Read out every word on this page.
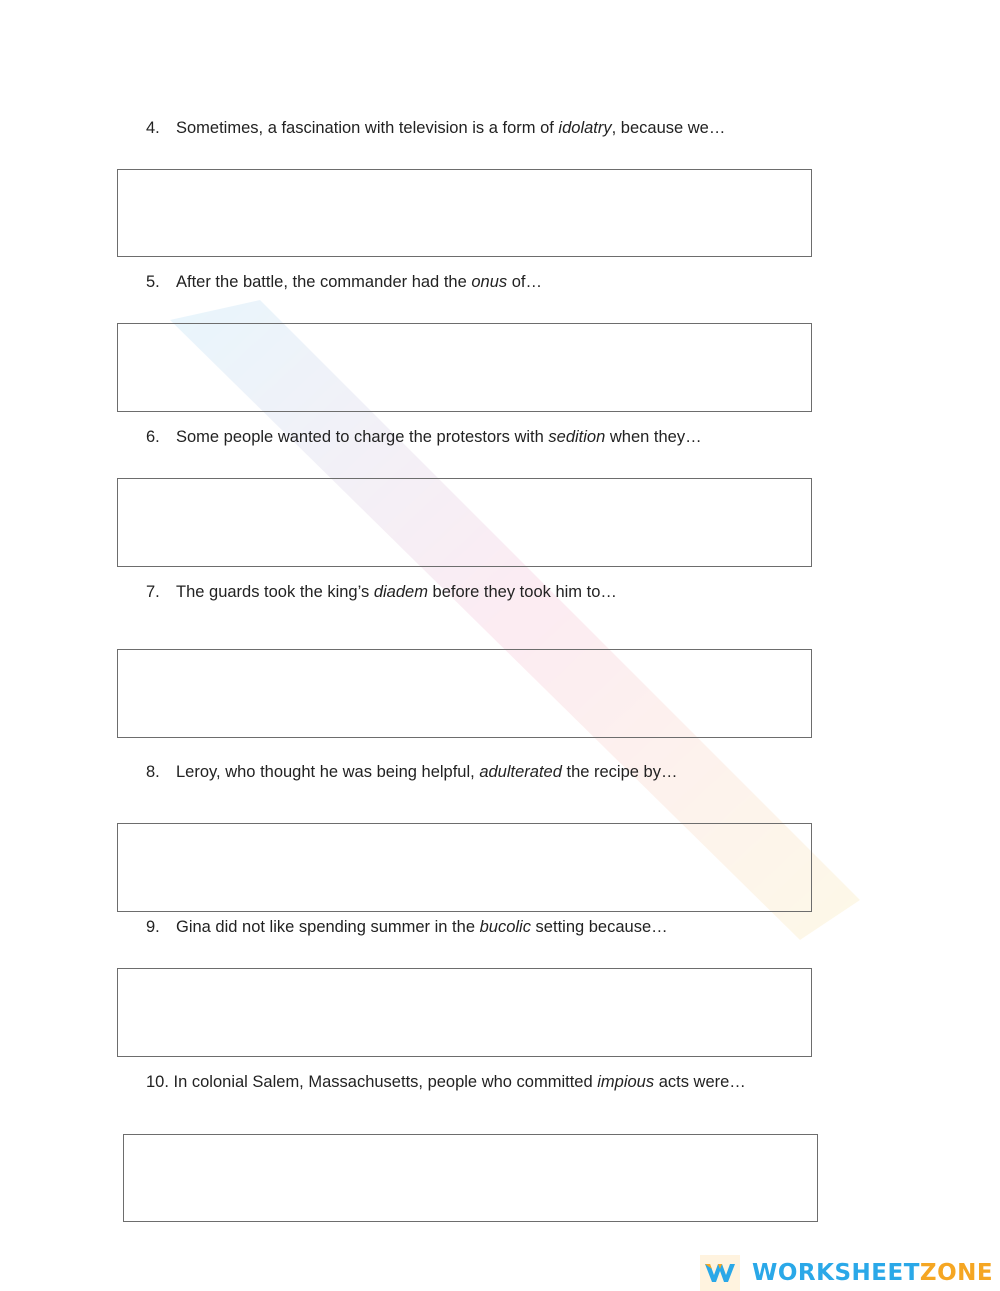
4. Sometimes, a fascination with television is a form of idolatry, because we…
5. After the battle, the commander had the onus of…
6. Some people wanted to charge the protestors with sedition when they…
7. The guards took the king’s diadem before they took him to…
8. Leroy, who thought he was being helpful, adulterated the recipe by…
9. Gina did not like spending summer in the bucolic setting because…
10. In colonial Salem, Massachusetts, people who committed impious acts were…
WORKSHEETZONE
